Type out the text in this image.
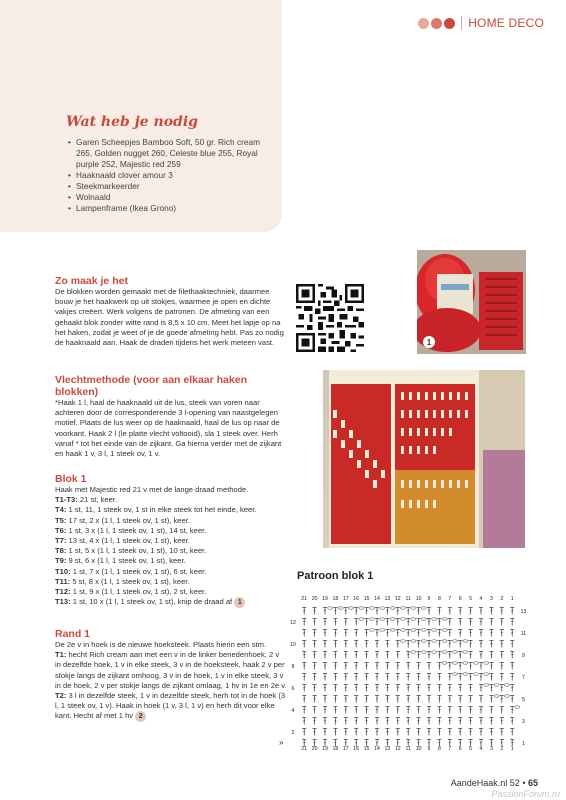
HOME DECO
Wat heb je nodig
• Garen Scheepjes Bamboo Soft, 50 gr. Rich cream 265, Golden nugget 260, Celeste blue 255, Royal purple 252, Majestic red 259
• Haaknaald clover amour 3
• Steekmarkeerder
• Wolnaald
• Lampenframe (Ikea Grono)
Zo maak je het
De blokken worden gemaakt met de filethaaktechniek, daarmee bouw je het haakwerk op uit stokjes, waarmee je open en dichte vakjes creëert. Werk volgens de patronen. De afmeting van een gehaakt blok zonder witte rand is 8,5 x 10 cm. Meet het lapje op na het haken, zodat je weet of je de goede afmeting hebt. Pas zo nodig de haaknaald aan. Haak de draden tijdens het werk meteen vast.
Vlechtmethode (voor aan elkaar haken blokken)
*Haak 1 l, haal de haaknaald uit de lus, steek van voren naar achteren door de corresponderende 3 l-opening van naastgelegen motief. Plaats de lus weer op de haaknaald, haal de lus op naar de voorkant. Haak 2 l (le platte vlecht voltooid), sla 1 steek over. Herh vanaf * tot het einde van de zijkant. Ga hierna verder met de zijkant en haak 1 v, 3 l, 1 steek ov, 1 v.
Blok 1
Haak met Majestic red 21 v met de lange draad methode.
T1-T3: 21 st, keer.
T4: 1 st, 11, 1 steek ov, 1 st in elke steek tot het einde, keer.
T5: 17 st, 2 x (1 l, 1 steek ov, 1 st), keer.
T6: 1 st, 3 x (1 l, 1 steek ov, 1 st), 14 st, keer.
T7: 13 st, 4 x (1 l, 1 steek ov, 1 st), keer.
T8: 1 st, 5 x (1 l, 1 steek ov, 1 st), 10 st, keer.
T9: 9 st, 6 x (1 l, 1 steek ov, 1 st), keer.
T10: 1 st, 7 x (1 l, 1 steek ov, 1 st), 6 st, keer.
T11: 5 st, 8 x (1 l, 1 steek ov, 1 st), keer.
T12: 1 st, 9 x (1 l, 1 steek ov, 1 st), 2 st, keer.
T13: 1 st, 10 x (1 l, 1 steek ov, 1 st), knip de draad af 1
Rand 1
De 2e v in hoek is de nieuwe hoeksteek. Plaats hierin een stm.
T1: hecht Rich cream aan met een v in de linker benedenhoek, 2 v in dezelfde hoek, 1 v in elke steek, 3 v in de hoeksteek, haak 2 v per stokje langs de zijkant omhoog, 3 v in de hoek, 1 v in elke steek, 3 v in de hoek, 2 v per stokje langs de zijkant omlaag, 1 hv in 1e en 2e v.
T2: 3 l in dezelfde steek, 1 v in dezelfde steek, herh tot in de hoek (3 l, 1 steek ov, 1 v). Haak in hoek (1 v, 3 l, 1 v) en herh dit voor elke kant. Hecht af met 1 hv 2
»
1
Patroon blok 1
21
21
20
20
19
19
18
18
17
17
16
16
15
15
14
14
13
13
12
12
11
11
10
10
9
9
8
8
7
7
6
6
5
5
4
4
3
3
2
2
1
1
13
12
11
10
9
8
7
6
5
4
3
2
1
AandeHaak.nl 52 • 65
PassionForum.ru
